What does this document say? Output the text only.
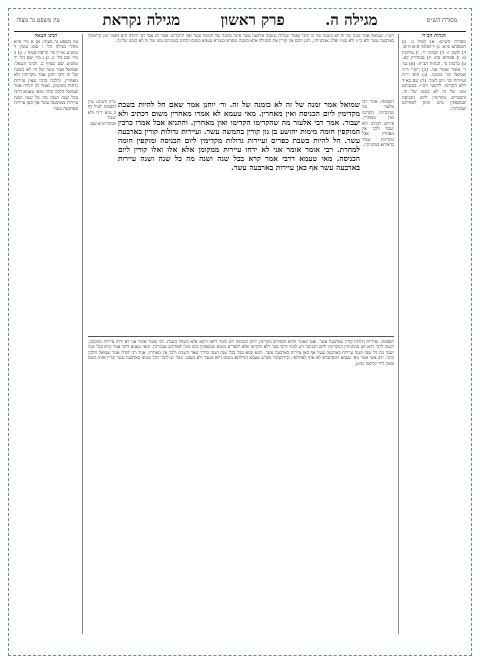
מסורת הש״ס
מגילה ה.
פרק ראשון
מגילה נקראת
עין משפט נר מצוה
הגהות הב״ח
מסורת הש״ס: א) לעיל ב. ב) תוספתא פ״א. ג) ירושלמי פ״א ה״א. ד) לקמן ז: ה) יבמות יד. ו) עירובין מ: ז) פסחים סח: ח) סנהדרין קא. ט) ברכות נד. הגהות הב״ח: (א) גמ׳ ר׳ אומר אומר אני. (ב) רש״י ד״ה שמואל וכו׳ כזמנה. (ג) תוס׳ ד״ה ועיירות וכו׳ ויש לומר. (ד) שם בא״ד דלא הקדימו. ליקוטי רש״י: בזמניהם זמנו של זה לא כזמנו של זה. והכפרים מקדימין ליום הכניסה שמספקין מים ומזון לאחיהם שבכרכין.
רבינו חננאל
עין משפט נר מצוה: א) א מיי׳ פ״א מהל׳ מגילה הל׳ ו סמג עשין ד טוש״ע או״ח סי׳ תרפח סעיף ו. ב) ב מיי׳ שם הל׳ יג. ג) ג מיי׳ שם הל׳ יד טוש״ע שם סעיף ב. רבינו חננאל: שמואל אמר זמנה של זה לא כזמנה של זה ורבי יוחנן אמר מקדימין ולא מאחרין. והלכה כרבי שאין עיירות נדחות ממקומן. ואמר רב יהודה אמר שמואל הלכה כרבי ומאי טעמא דרבי בכל שנה ושנה מה כל שנה ושנה עיירות בארבעה עשר אף כאן עיירות בארבעה עשר.
רש״י: שמואל אמר זמנה של זה לא כזמנה של זה והכי קאמר ומגילה שזמנה ארבעה עשר אינה כזמנה של חמשה עשר ואין להקדים. אמר רב אסי רבי יהודה היא דאמר זמן קריאתה בארבעה עשר ולא בי״ג ולא בט״ו ופליג אמתניתין. ותנן התם אין קורין את המגילה אלא בזמנה ומפרש בגמרא טעמא משום דכתיב בזמניהם זמנו של זה לא כזמנו של זה.
תוספות: אמר רבי אלעזר מה שהקדימו הקדימו ואין מאחרין. פירוש דכתיב ולא יעבור ולכך אין מאחרין אבל מקדימין שפיר כדאיתא במתניתין.
שמואל אמר זמנה של זה לא כזמנה של זה. ור׳ יוחנן אמר שאם חל להיות בשבת מקדימין ליום הכניסה ואין מאחרין. מאי טעמא לא אמרו מאחרין משום דכתיב ולא יעבור. אמר רבי אלעזר מה שהקדימו הקדימו ואין מאחרין. והתניא אבל אמרו כרכין המוקפין חומה מימות יהושע בן נון קורין בחמשה עשר. ועיירות גדולות קורין בארבעה עשר. חל להיות בשבת כפרים ועיירות גדולות מקדימין ליום הכניסה ומוקפין חומה למחרת. רבי אומר אומר אני לא ידחו עיירות ממקומן אלא אלו ואלו קורין ליום הכניסה. מאי טעמא דרבי אמר קרא בכל שנה ושנה מה כל שנה ושנה עיירות בארבעה עשר אף כאן עיירות בארבעה עשר.
גליון הש״ס: עיין תוספות לעיל דף ב ע״א ד״ה ולא יעבור ובמהרש״א שם.
תוספות: ועיירות גדולות קורין בארבעה עשר. ואם תאמר והלא הכפרים מקדימין ליום הכניסה ויש לומר דלאו דוקא אלא כשחל בשבת. רבי אומר אומר אני לא ידחו עיירות ממקומן. וקשה לרבי דהא תנן במתניתין דמקדימין ליום הכניסה ויש לומר דרבי סבר דלא הקדימו אלא לכפרים משום שמספקין מים ומזון לאחיהם שבכרכין. ומאי טעמא דרבי אמר קרא בכל שנה ושנה מה כל שנה ושנה עיירות בארבעה עשר אף כאן עיירות בארבעה עשר. ותנא קמא סבר בכל שנה ושנה כדרך שאר השנים ולכך אין מאחרין. אמר רב יהודה אמר שמואל הלכה כרבי. ורב אשי אמר מאי טעמא דמסתברא לא אתי לאחלופי. ובירושלמי מפרש טעמא דמילתא משום דלא מעבר ולא מעכב. ועוד יש לומר דכל שזמנו בארבעה עשר קורין אותו בזמנו ובאין לידי קריאה כהוגן.
